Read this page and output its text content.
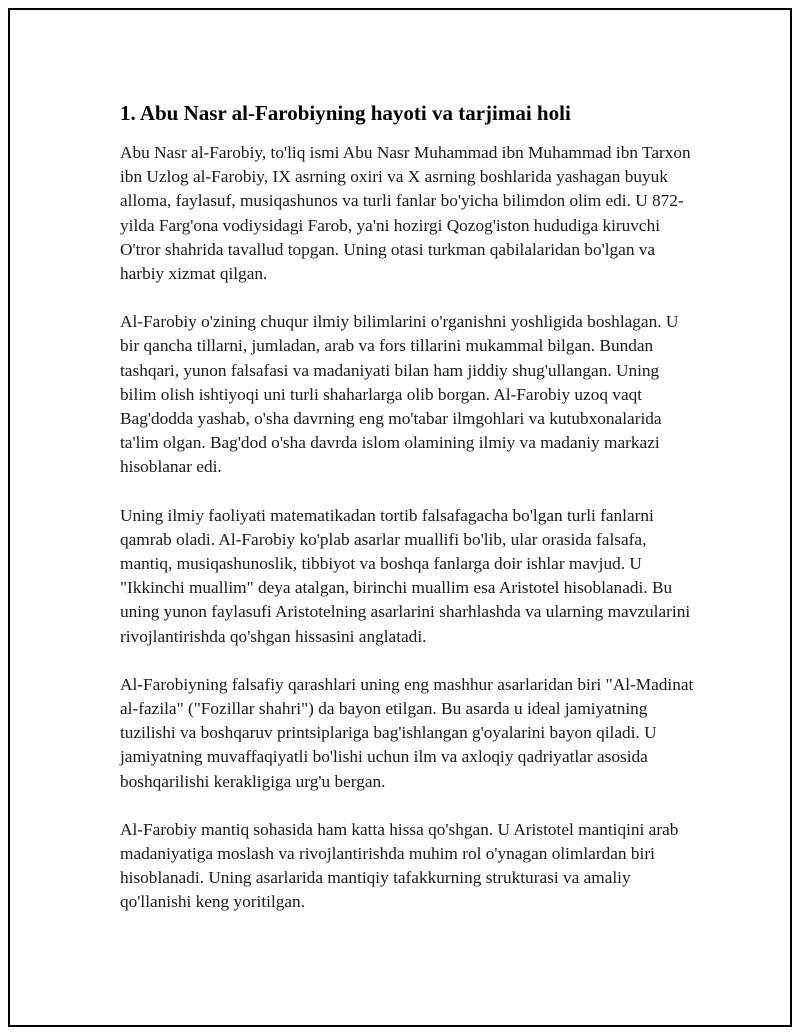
1. Abu Nasr al-Farobiyning hayoti va tarjimai holi

Abu Nasr al-Farobiy, to'liq ismi Abu Nasr Muhammad ibn Muhammad ibn Tarxon ibn Uzlog al-Farobiy, IX asrning oxiri va X asrning boshlarida yashagan buyuk alloma, faylasuf, musiqashunos va turli fanlar bo'yicha bilimdon olim edi. U 872-yilda Farg'ona vodiysidagi Farob, ya'ni hozirgi Qozog'iston hududiga kiruvchi O'tror shahrida tavallud topgan. Uning otasi turkman qabilalaridan bo'lgan va harbiy xizmat qilgan.

Al-Farobiy o'zining chuqur ilmiy bilimlarini o'rganishni yoshligida boshlagan. U bir qancha tillarni, jumladan, arab va fors tillarini mukammal bilgan. Bundan tashqari, yunon falsafasi va madaniyati bilan ham jiddiy shug'ullangan. Uning bilim olish ishtiyoqi uni turli shaharlarga olib borgan. Al-Farobiy uzoq vaqt Bag'dodda yashab, o'sha davrning eng mo'tabar ilmgohlari va kutubxonalarida ta'lim olgan. Bag'dod o'sha davrda islom olamining ilmiy va madaniy markazi hisoblanar edi.

Uning ilmiy faoliyati matematikadan tortib falsafagacha bo'lgan turli fanlarni qamrab oladi. Al-Farobiy ko'plab asarlar muallifi bo'lib, ular orasida falsafa, mantiq, musiqashunoslik, tibbiyot va boshqa fanlarga doir ishlar mavjud. U "Ikkinchi muallim" deya atalgan, birinchi muallim esa Aristotel hisoblanadi. Bu uning yunon faylasufi Aristotelning asarlarini sharhlashda va ularning mavzularini rivojlantirishda qo'shgan hissasini anglatadi.

Al-Farobiyning falsafiy qarashlari uning eng mashhur asarlaridan biri "Al-Madinat al-fazila" ("Fozillar shahri") da bayon etilgan. Bu asarda u ideal jamiyatning tuzilishi va boshqaruv printsiplariga bag'ishlangan g'oyalarini bayon qiladi. U jamiyatning muvaffaqiyatli bo'lishi uchun ilm va axloqiy qadriyatlar asosida boshqarilishi kerakligiga urg'u bergan.

Al-Farobiy mantiq sohasida ham katta hissa qo'shgan. U Aristotel mantiqini arab madaniyatiga moslash va rivojlantirishda muhim rol o'ynagan olimlardan biri hisoblanadi. Uning asarlarida mantiqiy tafakkurning strukturasi va amaliy qo'llanishi keng yoritilgan.
